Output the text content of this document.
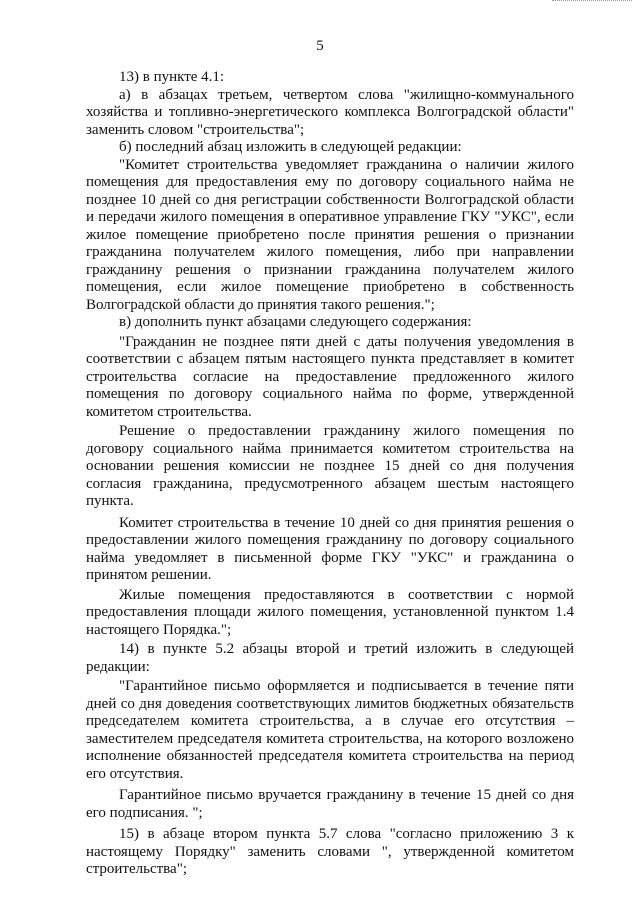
5

13) в пункте 4.1:

а) в абзацах третьем, четвертом слова "жилищно-коммунального хозяйства и топливно-энергетического комплекса Волгоградской области" заменить словом "строительства";

б) последний абзац изложить в следующей редакции:

"Комитет строительства уведомляет гражданина о наличии жилого помещения для предоставления ему по договору социального найма не позднее 10 дней со дня регистрации собственности Волгоградской области и передачи жилого помещения в оперативное управление ГКУ "УКС", если жилое помещение приобретено после принятия решения о признании гражданина получателем жилого помещения, либо при направлении гражданину решения о признании гражданина получателем жилого помещения, если жилое помещение приобретено в собственность Волгоградской области до принятия такого решения.";

в) дополнить пункт абзацами следующего содержания:

"Гражданин не позднее пяти дней с даты получения уведомления в соответствии с абзацем пятым настоящего пункта представляет в комитет строительства согласие на предоставление предложенного жилого помещения по договору социального найма по форме, утвержденной комитетом строительства.

Решение о предоставлении гражданину жилого помещения по договору социального найма принимается комитетом строительства на основании решения комиссии не позднее 15 дней со дня получения согласия гражданина, предусмотренного абзацем шестым настоящего пункта.

Комитет строительства в течение 10 дней со дня принятия решения о предоставлении жилого помещения гражданину по договору социального найма уведомляет в письменной форме ГКУ "УКС" и гражданина о принятом решении.

Жилые помещения предоставляются в соответствии с нормой предоставления площади жилого помещения, установленной пунктом 1.4 настоящего Порядка.";

14) в пункте 5.2 абзацы второй и третий изложить в следующей редакции:

"Гарантийное письмо оформляется и подписывается в течение пяти дней со дня доведения соответствующих лимитов бюджетных обязательств председателем комитета строительства, а в случае его отсутствия – заместителем председателя комитета строительства, на которого возложено исполнение обязанностей председателя комитета строительства на период его отсутствия.

Гарантийное письмо вручается гражданину в течение 15 дней со дня его подписания. ";

15) в абзаце втором пункта 5.7 слова "согласно приложению 3 к настоящему Порядку" заменить словами ", утвержденной комитетом строительства";
